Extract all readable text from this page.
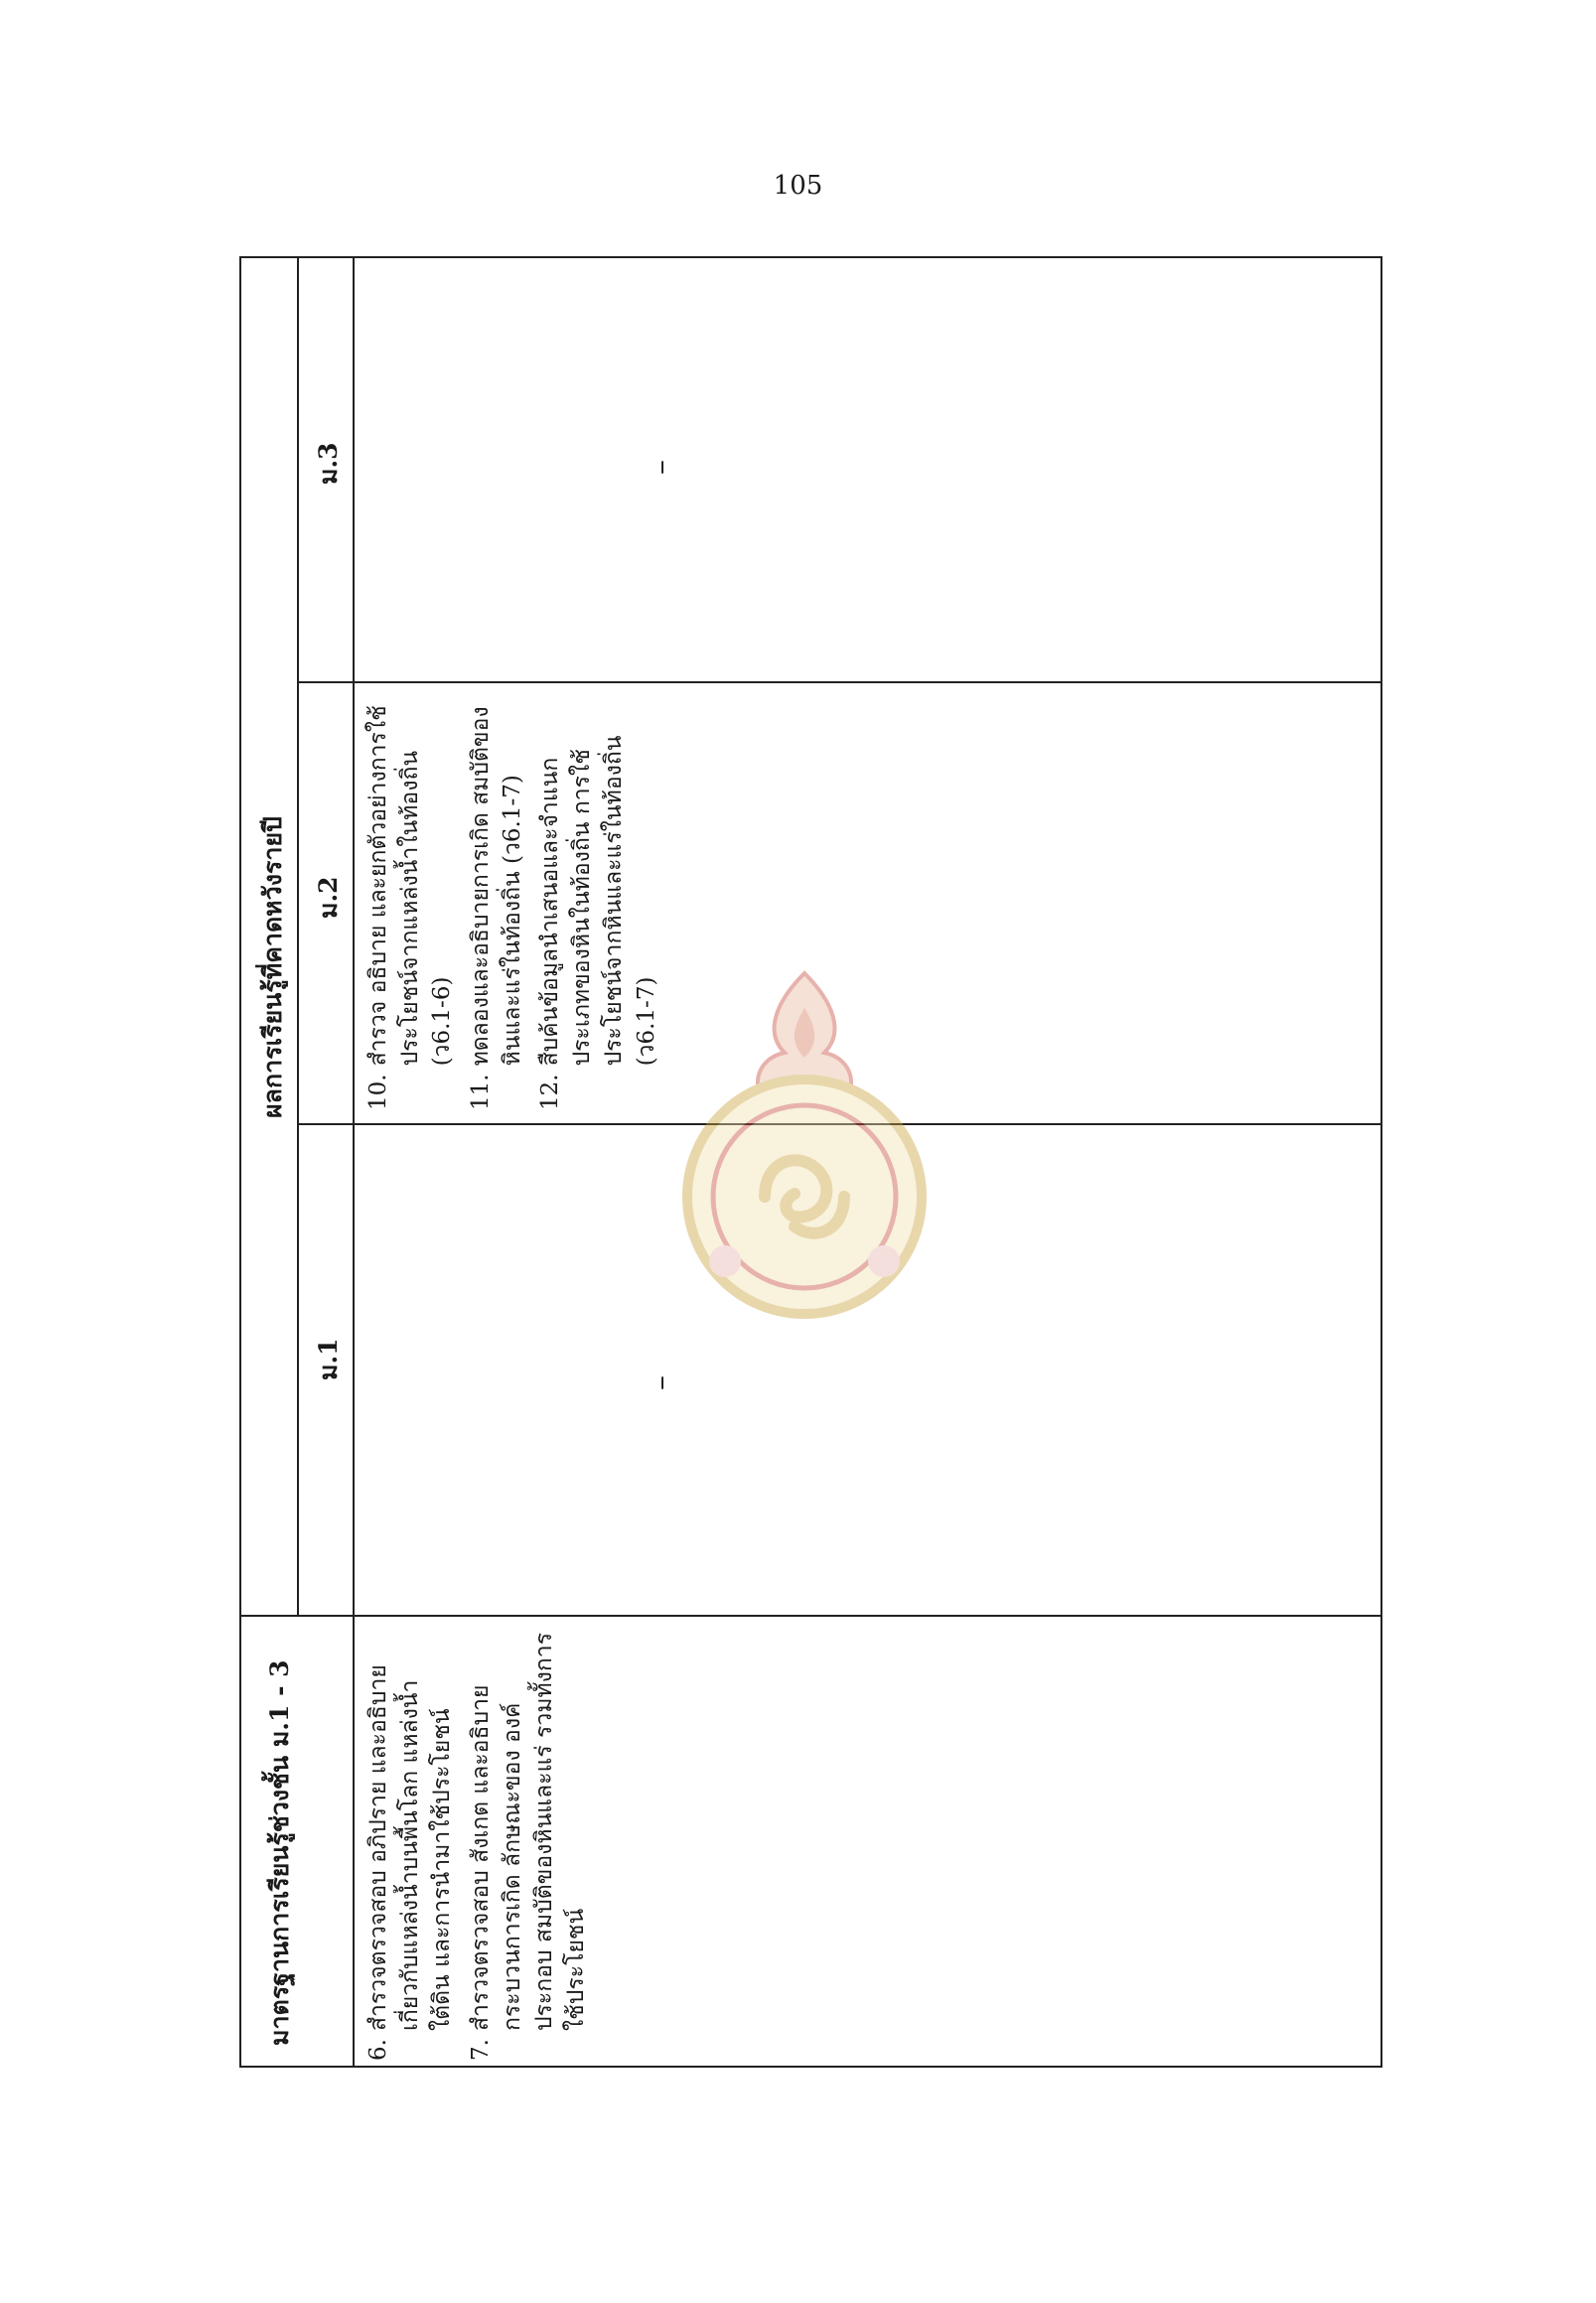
105
มาตรฐานการเรียนรู้ช่วงชั้น ม.1 - 3
ผลการเรียนรู้ที่คาดหวังรายปี
ม.1
ม.2
ม.3
6.
สำรวจตรวจสอบ อภิปราย และอธิบายเกี่ยวกับแหล่งน้ำบนพื้นโลก แหล่งน้ำใต้ดิน และการนำมาใช้ประโยชน์
7.
สำรวจตรวจสอบ สังเกต และอธิบายกระบวนการเกิด ลักษณะของ องค์ประกอบ สมบัติของหินและแร่ รวมทั้งการใช้ประโยชน์
–
10.
สำรวจ อธิบาย และยกตัวอย่างการใช้ประโยชน์จากแหล่งน้ำในท้องถิ่น (ว6.1-6)
11.
ทดลองและอธิบายการเกิด สมบัติของหินและแร่ในท้องถิ่น (ว6.1-7)
12.
สืบค้นข้อมูลนำเสนอและจำแนกประเภทของหินในท้องถิ่น การใช้ประโยชน์จากหินและแร่ในท้องถิ่น (ว6.1-7)
–
